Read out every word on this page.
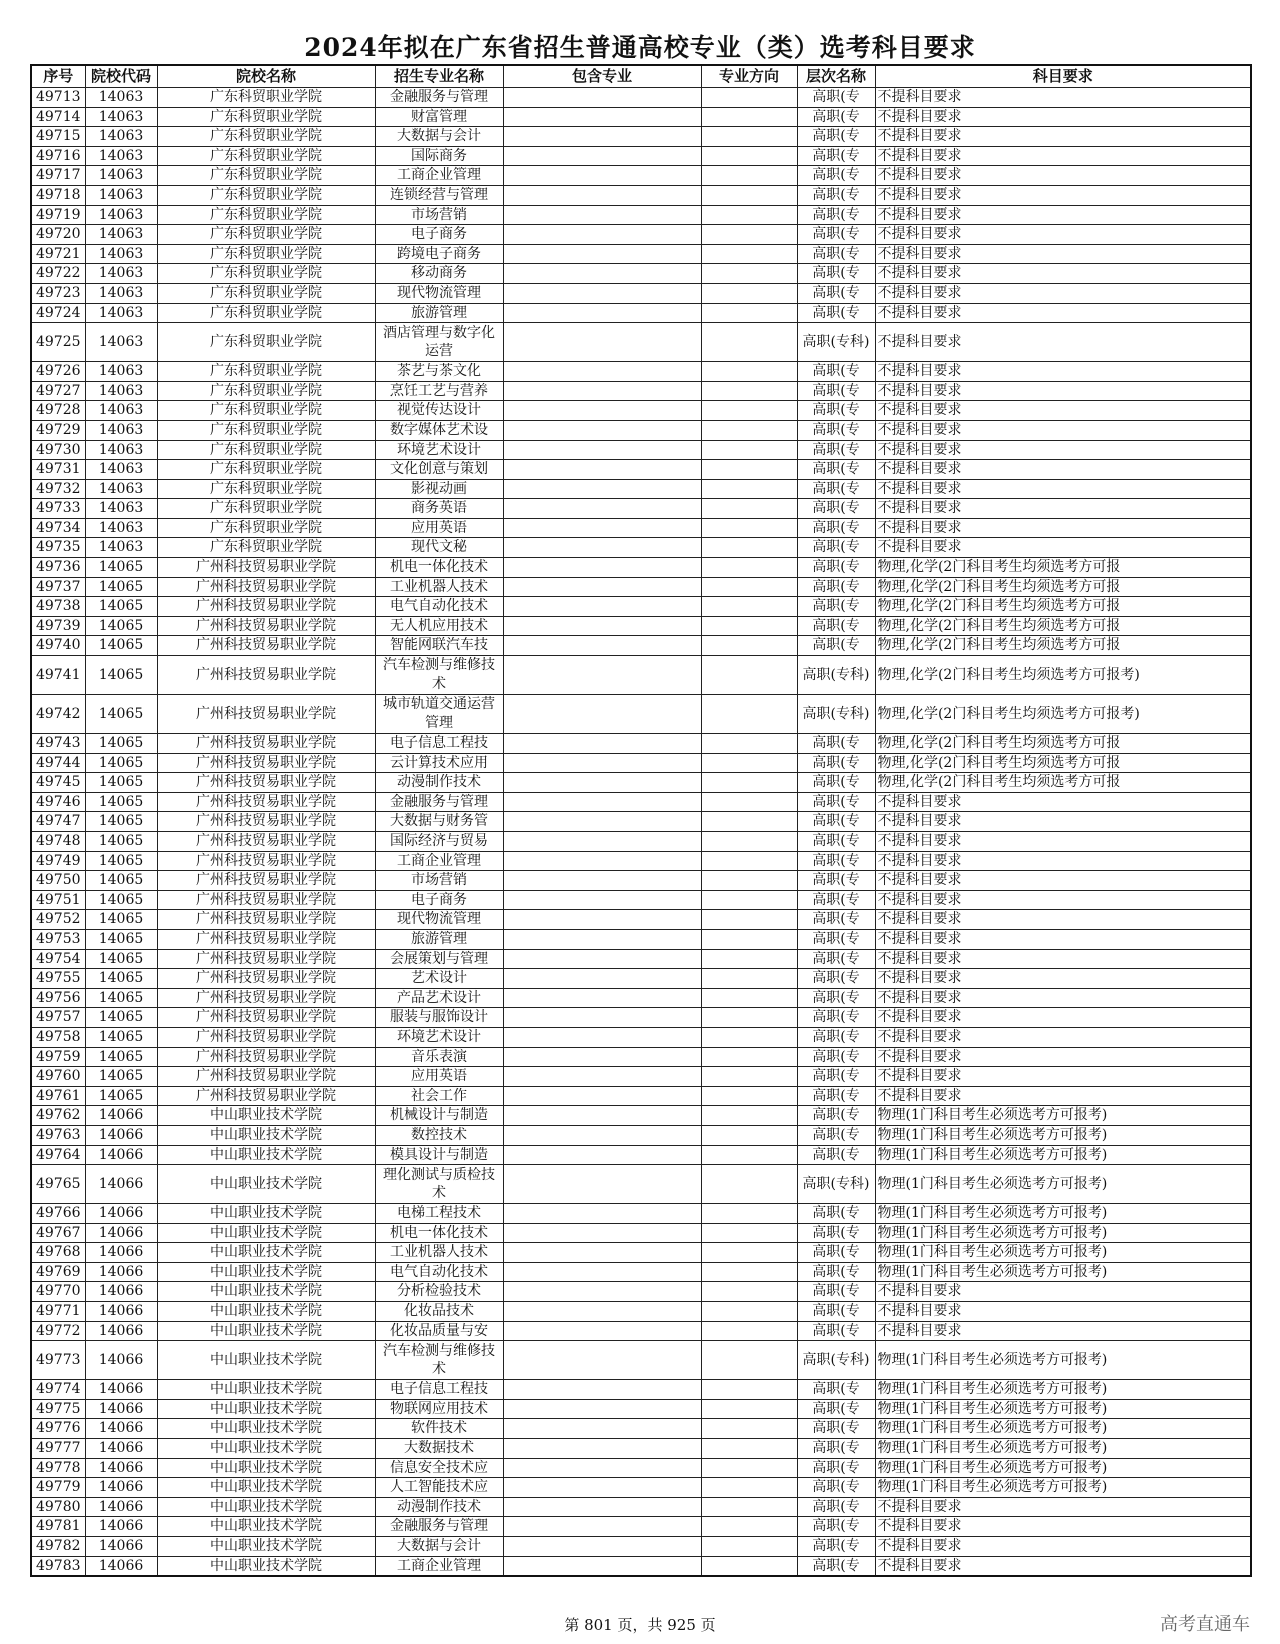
2024年拟在广东省招生普通高校专业（类）选考科目要求
序号	院校代码	院校名称	招生专业名称	包含专业	专业方向	层次名称	科目要求
49713	14063	广东科贸职业学院	金融服务与管理			高职(专	不提科目要求
49714	14063	广东科贸职业学院	财富管理			高职(专	不提科目要求
49715	14063	广东科贸职业学院	大数据与会计			高职(专	不提科目要求
49716	14063	广东科贸职业学院	国际商务			高职(专	不提科目要求
49717	14063	广东科贸职业学院	工商企业管理			高职(专	不提科目要求
49718	14063	广东科贸职业学院	连锁经营与管理			高职(专	不提科目要求
49719	14063	广东科贸职业学院	市场营销			高职(专	不提科目要求
49720	14063	广东科贸职业学院	电子商务			高职(专	不提科目要求
49721	14063	广东科贸职业学院	跨境电子商务			高职(专	不提科目要求
49722	14063	广东科贸职业学院	移动商务			高职(专	不提科目要求
49723	14063	广东科贸职业学院	现代物流管理			高职(专	不提科目要求
49724	14063	广东科贸职业学院	旅游管理			高职(专	不提科目要求
49725	14063	广东科贸职业学院	酒店管理与数字化运营			高职(专科)	不提科目要求
49726	14063	广东科贸职业学院	茶艺与茶文化			高职(专	不提科目要求
49727	14063	广东科贸职业学院	烹饪工艺与营养			高职(专	不提科目要求
49728	14063	广东科贸职业学院	视觉传达设计			高职(专	不提科目要求
49729	14063	广东科贸职业学院	数字媒体艺术设			高职(专	不提科目要求
49730	14063	广东科贸职业学院	环境艺术设计			高职(专	不提科目要求
49731	14063	广东科贸职业学院	文化创意与策划			高职(专	不提科目要求
49732	14063	广东科贸职业学院	影视动画			高职(专	不提科目要求
49733	14063	广东科贸职业学院	商务英语			高职(专	不提科目要求
49734	14063	广东科贸职业学院	应用英语			高职(专	不提科目要求
49735	14063	广东科贸职业学院	现代文秘			高职(专	不提科目要求
49736	14065	广州科技贸易职业学院	机电一体化技术			高职(专	物理,化学(2门科目考生均须选考方可报
49737	14065	广州科技贸易职业学院	工业机器人技术			高职(专	物理,化学(2门科目考生均须选考方可报
49738	14065	广州科技贸易职业学院	电气自动化技术			高职(专	物理,化学(2门科目考生均须选考方可报
49739	14065	广州科技贸易职业学院	无人机应用技术			高职(专	物理,化学(2门科目考生均须选考方可报
49740	14065	广州科技贸易职业学院	智能网联汽车技			高职(专	物理,化学(2门科目考生均须选考方可报
49741	14065	广州科技贸易职业学院	汽车检测与维修技术			高职(专科)	物理,化学(2门科目考生均须选考方可报考)
49742	14065	广州科技贸易职业学院	城市轨道交通运营管理			高职(专科)	物理,化学(2门科目考生均须选考方可报考)
49743	14065	广州科技贸易职业学院	电子信息工程技			高职(专	物理,化学(2门科目考生均须选考方可报
49744	14065	广州科技贸易职业学院	云计算技术应用			高职(专	物理,化学(2门科目考生均须选考方可报
49745	14065	广州科技贸易职业学院	动漫制作技术			高职(专	物理,化学(2门科目考生均须选考方可报
49746	14065	广州科技贸易职业学院	金融服务与管理			高职(专	不提科目要求
49747	14065	广州科技贸易职业学院	大数据与财务管			高职(专	不提科目要求
49748	14065	广州科技贸易职业学院	国际经济与贸易			高职(专	不提科目要求
49749	14065	广州科技贸易职业学院	工商企业管理			高职(专	不提科目要求
49750	14065	广州科技贸易职业学院	市场营销			高职(专	不提科目要求
49751	14065	广州科技贸易职业学院	电子商务			高职(专	不提科目要求
49752	14065	广州科技贸易职业学院	现代物流管理			高职(专	不提科目要求
49753	14065	广州科技贸易职业学院	旅游管理			高职(专	不提科目要求
49754	14065	广州科技贸易职业学院	会展策划与管理			高职(专	不提科目要求
49755	14065	广州科技贸易职业学院	艺术设计			高职(专	不提科目要求
49756	14065	广州科技贸易职业学院	产品艺术设计			高职(专	不提科目要求
49757	14065	广州科技贸易职业学院	服装与服饰设计			高职(专	不提科目要求
49758	14065	广州科技贸易职业学院	环境艺术设计			高职(专	不提科目要求
49759	14065	广州科技贸易职业学院	音乐表演			高职(专	不提科目要求
49760	14065	广州科技贸易职业学院	应用英语			高职(专	不提科目要求
49761	14065	广州科技贸易职业学院	社会工作			高职(专	不提科目要求
49762	14066	中山职业技术学院	机械设计与制造			高职(专	物理(1门科目考生必须选考方可报考)
49763	14066	中山职业技术学院	数控技术			高职(专	物理(1门科目考生必须选考方可报考)
49764	14066	中山职业技术学院	模具设计与制造			高职(专	物理(1门科目考生必须选考方可报考)
49765	14066	中山职业技术学院	理化测试与质检技术			高职(专科)	物理(1门科目考生必须选考方可报考)
49766	14066	中山职业技术学院	电梯工程技术			高职(专	物理(1门科目考生必须选考方可报考)
49767	14066	中山职业技术学院	机电一体化技术			高职(专	物理(1门科目考生必须选考方可报考)
49768	14066	中山职业技术学院	工业机器人技术			高职(专	物理(1门科目考生必须选考方可报考)
49769	14066	中山职业技术学院	电气自动化技术			高职(专	物理(1门科目考生必须选考方可报考)
49770	14066	中山职业技术学院	分析检验技术			高职(专	不提科目要求
49771	14066	中山职业技术学院	化妆品技术			高职(专	不提科目要求
49772	14066	中山职业技术学院	化妆品质量与安			高职(专	不提科目要求
49773	14066	中山职业技术学院	汽车检测与维修技术			高职(专科)	物理(1门科目考生必须选考方可报考)
49774	14066	中山职业技术学院	电子信息工程技			高职(专	物理(1门科目考生必须选考方可报考)
49775	14066	中山职业技术学院	物联网应用技术			高职(专	物理(1门科目考生必须选考方可报考)
49776	14066	中山职业技术学院	软件技术			高职(专	物理(1门科目考生必须选考方可报考)
49777	14066	中山职业技术学院	大数据技术			高职(专	物理(1门科目考生必须选考方可报考)
49778	14066	中山职业技术学院	信息安全技术应			高职(专	物理(1门科目考生必须选考方可报考)
49779	14066	中山职业技术学院	人工智能技术应			高职(专	物理(1门科目考生必须选考方可报考)
49780	14066	中山职业技术学院	动漫制作技术			高职(专	不提科目要求
49781	14066	中山职业技术学院	金融服务与管理			高职(专	不提科目要求
49782	14066	中山职业技术学院	大数据与会计			高职(专	不提科目要求
49783	14066	中山职业技术学院	工商企业管理			高职(专	不提科目要求
第 801 页，共 925 页	高考直通车
